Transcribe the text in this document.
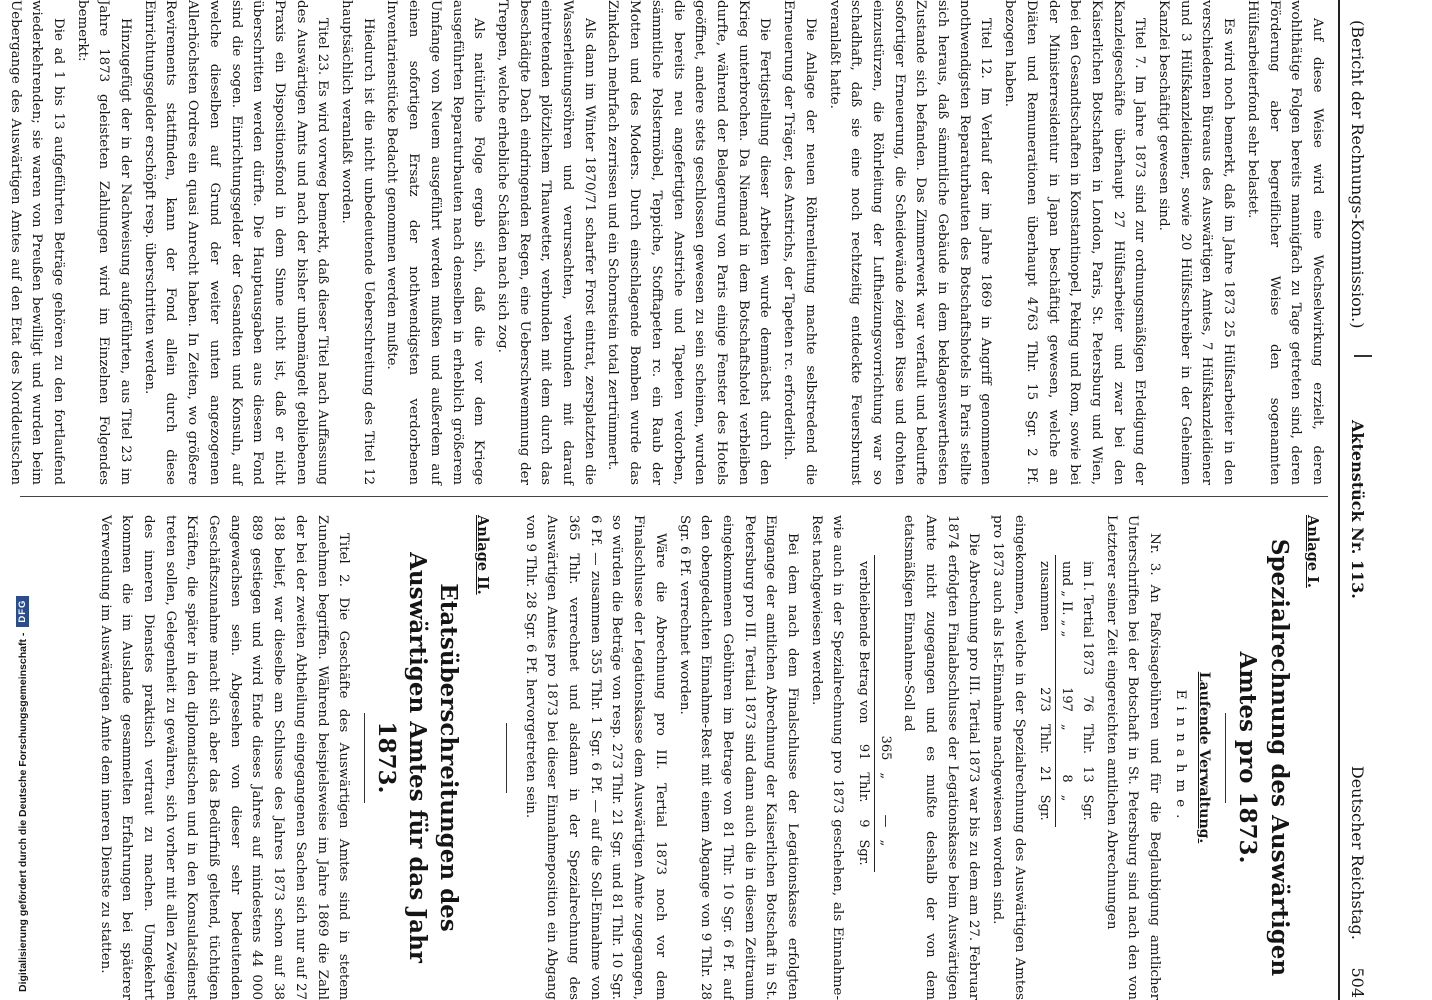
(Bericht der Rechnungs-Kommission.)
Aktenstück Nr. 113.
Deutscher Reichstag.
504
Anlage I.
Spezialrechnung des Auswärtigen Amtes pro 1873.
Laufende Verwaltung.
Einnahme.

Nr. 3. An Paßvisagebühren und für die Beglaubigung amtlicher Unterschriften bei der Botschaft in St. Petersburg sind nach den von Letzterer seiner Zeit eingereichten amtlichen Abrechnungen

im I. Tertial 1873	76	Thlr.	13	Sgr.
und „ II. „ „	197	„	8	„
zusammen	273	Thlr.	21	Sgr.

eingekommen, welche in der Spezialrechnung des Auswärtigen Amtes pro 1873 auch als Ist-Einnahme nachgewiesen worden sind.

Die Abrechnung pro III. Tertial 1873 war bis zu dem am 27. Februar 1874 erfolgten Finalabschlusse der Legationskasse beim Auswärtigen Amte nicht zugegangen und es mußte deshalb der von dem etatsmäßigen Einnahme-Soll ad

	365	„	—	„
verbleibende Betrag von	91	Thlr.	9	Sgr.

wie auch in der Spezialrechnung pro 1873 geschehen, als Einnahme-Rest nachgewiesen werden.

Bei dem nach dem Finalschlusse der Legationskasse erfolgten Eingange der amtlichen Abrechnung der Kaiserlichen Botschaft in St. Petersburg pro III. Tertial 1873 sind dann auch die in diesem Zeitraum eingekommenen Gebühren im Betrage von 81 Thlr. 10 Sgr. 6 Pf. auf den obengedachten Einnahme-Rest mit einem Abgange von 9 Thlr. 28 Sgr. 6 Pf. verrechnet worden.

Wäre die Abrechnung pro III. Tertial 1873 noch vor dem Finalschlusse der Legationskasse dem Auswärtigen Amte zugegangen, so würden die Beträge von resp. 273 Thlr. 21 Sgr. und 81 Thlr. 10 Sgr. 6 Pf. — zusammen 355 Thlr. 1 Sgr. 6 Pf. — auf die Soll-Einnahme von 365 Thlr. verrechnet und alsdann in der Spezialrechnung des Auswärtigen Amtes pro 1873 bei dieser Einnahmeposition ein Abgang von 9 Thlr. 28 Sgr. 6 Pf. hervorgetreten sein.

Anlage II.
Etatsüberschreitungen des Auswärtigen Amtes für das Jahr 1873.

Titel 2. Die Geschäfte des Auswärtigen Amtes sind in stetem Zunehmen begriffen. Während beispielsweise im Jahre 1869 die Zahl der bei der zweiten Abtheilung eingegangenen Sachen sich nur auf 27 188 belief, war dieselbe am Schlusse des Jahres 1873 schon auf 38 889 gestiegen und wird Ende dieses Jahres auf mindestens 44 000 angewachsen sein. Abgesehen von dieser sehr bedeutenden Geschäftszunahme macht sich aber das Bedürfniß geltend, tüchtigen Kräften, die später in den diplomatischen und in den Konsulatsdienst treten sollen, Gelegenheit zu gewähren, sich vorher mit allen Zweigen des inneren Dienstes praktisch vertraut zu machen. Umgekehrt kommen die im Auslande gesammelten Erfahrungen bei späterer Verwendung im Auswärtigen Amte dem inneren Dienste zu statten.

Auf diese Weise wird eine Wechselwirkung erzielt, deren wohlthätige Folgen bereits mannigfach zu Tage getreten sind, deren Förderung aber begreiflicher Weise den sogenannten Hülfsarbeiterfond sehr belastet.

Es wird noch bemerkt, daß im Jahre 1873 25 Hülfsarbeiter in den verschiedenen Büreaus des Auswärtigen Amtes, 7 Hülfskanzleidiener und 3 Hülfskanzleidiener, sowie 20 Hülfsschreiber in der Geheimen Kanzlei beschäftigt gewesen sind.

Titel 7. Im Jahre 1873 sind zur ordnungsmäßigen Erledigung der Kanzleigeschäfte überhaupt 27 Hülfsarbeiter und zwar bei den Kaiserlichen Botschaften in London, Paris, St. Petersburg und Wien, bei den Gesandtschaften in Konstantinopel, Peking und Rom, sowie bei der Ministerresidentur in Japan beschäftigt gewesen, welche an Diäten und Remunerationen überhaupt 4763 Thlr. 15 Sgr. 2 Pf. bezogen haben.

Titel 12. Im Verlauf der im Jahre 1869 in Angriff genommenen nothwendigsten Reparaturbauten des Botschaftshotels in Paris stellte sich heraus, daß sämmtliche Gebäude in dem beklagenswerthesten Zustande sich befanden. Das Zimmerwerk war verfault und bedurfte sofortiger Erneuerung, die Scheidewände zeigten Risse und drohten einzustürzen, die Röhrleitung der Luftheizungsvorrichtung war so schadhaft, daß sie eine noch rechtzeitig entdeckte Feuersbrunst veranlaßt hatte.

Die Anlage der neuen Röhrenleitung machte selbstredend die Erneuerung der Träger, des Anstrichs, der Tapeten rc. erforderlich.

Die Fertigstellung dieser Arbeiten wurde demnächst durch den Krieg unterbrochen. Da Niemand in dem Botschaftshotel verbleiben durfte, während der Belagerung von Paris einige Fenster des Hotels geöffnet, andere stets geschlossen gewesen zu sein scheinen, wurden die bereits neu angefertigten Anstriche und Tapeten verdorben, sämmtliche Polstermöbel, Teppiche, Stofftapeten rc. ein Raub der Motten und des Moders. Durch einschlagende Bomben wurde das Zinkdach mehrfach zerrissen und ein Schornstein total zertrümmert.

Als dann im Winter 1870/71 scharfer Frost eintrat, zersplatzten die Wasserleitungsröhren und verursachten, verbunden mit darauf eintretenden plötzlichem Thauwetter, verbunden mit dem durch das beschädigte Dach eindringenden Regen, eine Ueberschwemmung der Treppen, welche erhebliche Schäden nach sich zog.

Als natürliche Folge ergab sich, daß die vor dem Kriege ausgeführten Reparaturbauten nach denselben in erheblich größerem Umfange von Neuem ausgeführt werden mußten und außerdem auf einen sofortigen Ersatz der nothwendigsten verdorbenen Inventarienstücke Bedacht genommen werden mußte.

Hiedurch ist die nicht unbedeutende Ueberschreitung des Titel 12 hauptsächlich veranlaßt worden.

Titel 23. Es wird vorweg bemerkt, daß dieser Titel nach Auffassung des Auswärtigen Amts und nach der bisher unbemängelt gebliebenen Praxis ein Dispositionsfond in dem Sinne nicht ist, daß er nicht überschritten werden dürfte. Die Hauptausgaben aus diesem Fond sind die sogen. Einrichtungsgelder der Gesandten und Konsuln, auf welche dieselben auf Grund der weiter unten angezogenen Allerhöchsten Ordres ein quasi Anrecht haben. In Zeiten, wo größere Revirements stattfinden, kann der Fond allein durch diese Einrichtungsgelder erschöpft resp. überschritten werden.

Hinzugefügt der in der Nachweisung aufgeführten, aus Titel 23 im Jahre 1873 geleisteten Zahlungen wird im Einzelnen Folgendes bemerkt:

Die ad 1 bis 13 aufgeführten Beträge gehören zu den fortlaufend wiederkehrenden; sie waren von Preußen bewilligt und wurden beim Uebergange des Auswärtigen Amtes auf den Etat des Norddeutschen

Digitalisierung gefördert durch die Deutsche Forschungsgemeinschaft -
DFG
